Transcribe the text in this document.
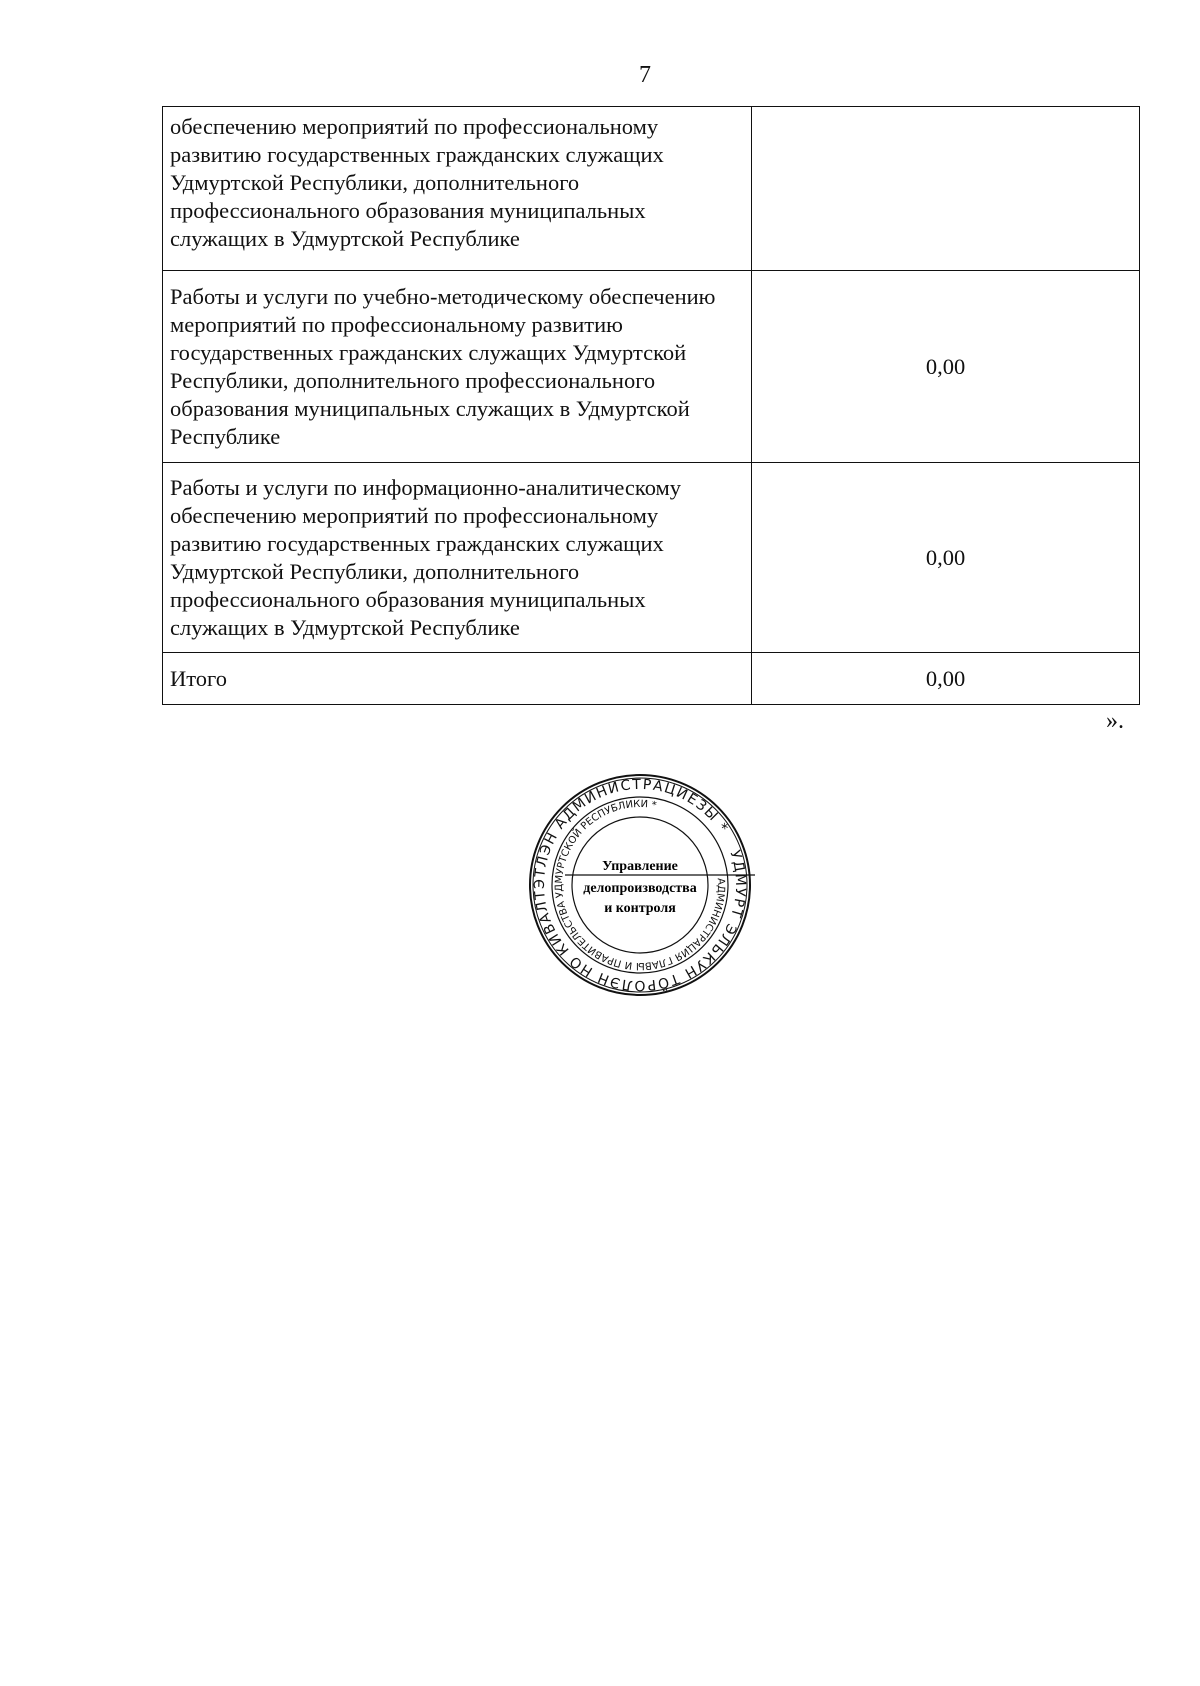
7
обеспечению мероприятий по профессиональному развитию государственных гражданских служащих Удмуртской Республики, дополнительного профессионального образования муниципальных служащих в Удмуртской Республике	
Работы и услуги по учебно-методическому обеспечению мероприятий по профессиональному развитию государственных гражданских служащих Удмуртской Республики, дополнительного профессионального образования муниципальных служащих в Удмуртской Республике	0,00
Работы и услуги по информационно-аналитическому обеспечению мероприятий по профессиональному развитию государственных гражданских служащих Удмуртской Республики, дополнительного профессионального образования муниципальных служащих в Удмуртской Республике	0,00
Итого	0,00
».
УДМУРТ ЭЛЬКУН ТӦРОЛЭН НО КИВАЛТЭТЛЭН АДМИНИСТРАЦИЕЗЫ *
АДМИНИСТРАЦИЯ ГЛАВЫ И ПРАВИТЕЛЬСТВА УДМУРТСКОЙ РЕСПУБЛИКИ *
Управление
делопроизводства
и контроля
